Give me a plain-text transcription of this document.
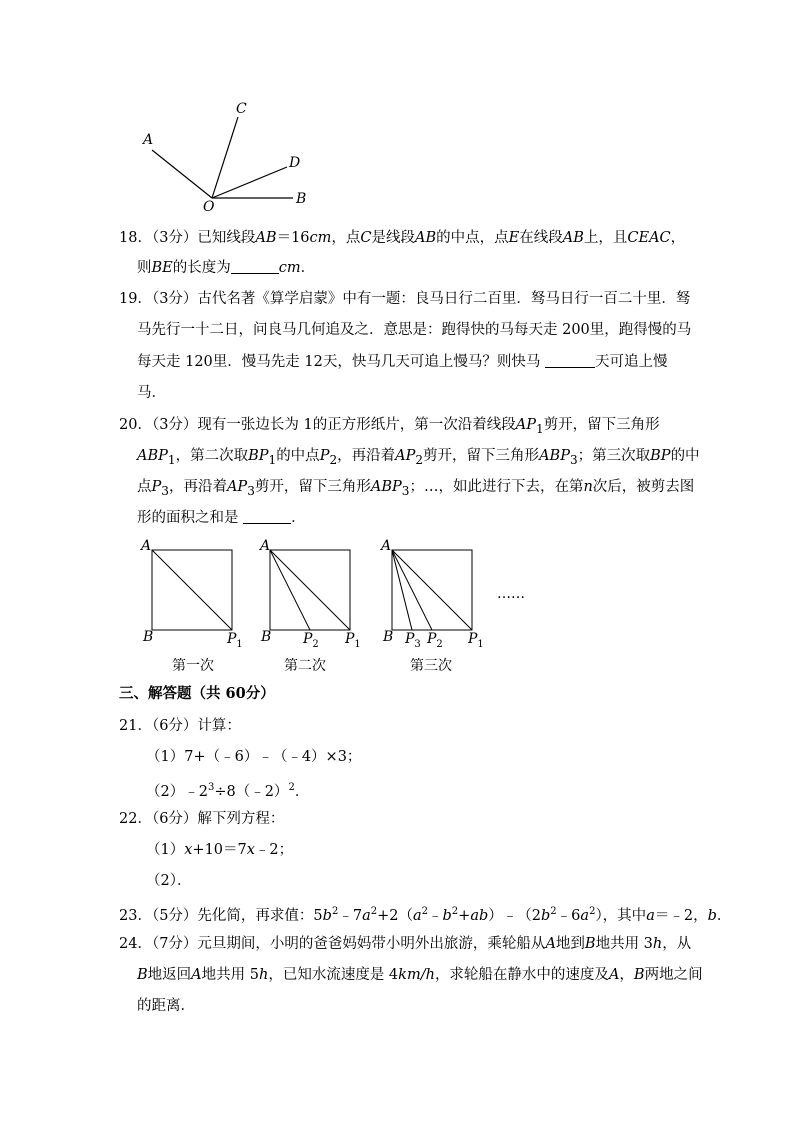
A
C
D
O	B
18．（3分）已知线段AB＝16cm，点C是线段AB的中点，点E在线段AB上，且CEAC，
则BE的长度为	cm．
19．（3分）古代名著《算学启蒙》中有一题：良马日行二百里．驽马日行一百二十里．驽
马先行一十二日，问良马几何追及之．意思是：跑得快的马每天走 200里，跑得慢的马
每天走 120里．慢马先走 12天，快马几天可追上慢马？则快马	天可追上慢
马．
20．（3分）现有一张边长为 1的正方形纸片，第一次沿着线段$AP_1$剪开，留下三角形
$ABP_1$，第二次取$BP_1$的中点$P_2$，再沿着$AP_2$剪开，留下三角形$ABP_3$；第三次取BP的中
点$P_3$，再沿着$AP_3$剪开，留下三角形$ABP_3$；…，如此进行下去，在第n次后，被剪去图
形的面积之和是	．
A
B	$P_1$
第一次
A
B $P_2$ $P_1$
第二次
A
B $P_3$ $P_2$ $P_1$
第三次
……
三、解答题（共 60分）
21．（6分）计算：
（1）7+（﹣6）﹣（﹣4）×3；
$(2)﹣2^3\div 8(﹣2)^2$．
22．（6分）解下列方程：
（1）x+10＝7x﹣2；
（2）．
23．（5分）先化简，再求值：$5b^2﹣7a^2+2(a^2﹣b^2+ab)﹣(2b^2﹣6a^2)$，其中a＝﹣2，b．
24．（7分）元旦期间，小明的爸爸妈妈带小明外出旅游，乘轮船从A地到B地共用 3h，从
B地返回A地共用 5h，已知水流速度是 4km/h，求轮船在静水中的速度及A，B两地之间
的距离．
